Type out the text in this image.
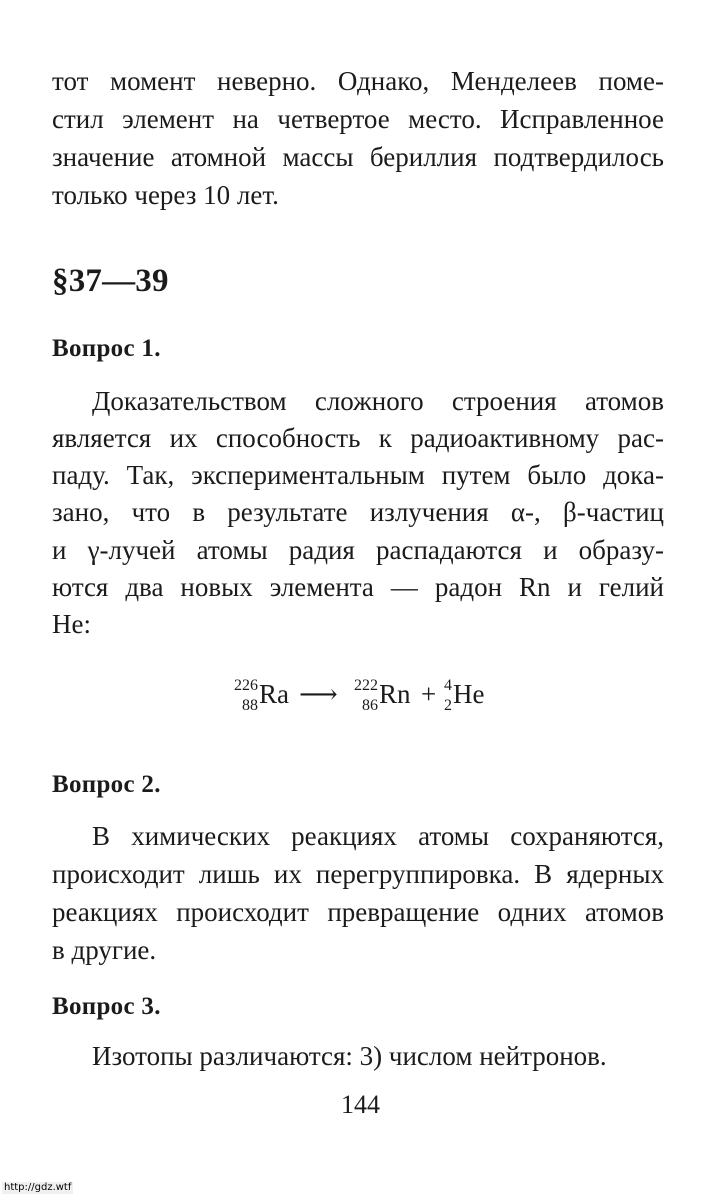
тот момент неверно. Однако, Менделеев поме-
стил элемент на четвертое место. Исправленное
значение атомной массы бериллия подтвердилось
только через 10 лет.
§37—39
Вопрос 1.
Доказательством сложного строения атомов
является их способность к радиоактивному рас-
паду. Так, экспериментальным путем было дока-
зано, что в результате излучения α-, β-частиц
и γ-лучей атомы радия распадаются и образу-
ются два новых элемента — радон Rn и гелий
He:
226
88 Ra ⟶ 222
86 Rn + 4
2 He
Вопрос 2.
В химических реакциях атомы сохраняются,
происходит лишь их перегруппировка. В ядерных
реакциях происходит превращение одних атомов
в другие.
Вопрос 3.
Изотопы различаются: 3) числом нейтронов.
144
http://gdz.wtf
